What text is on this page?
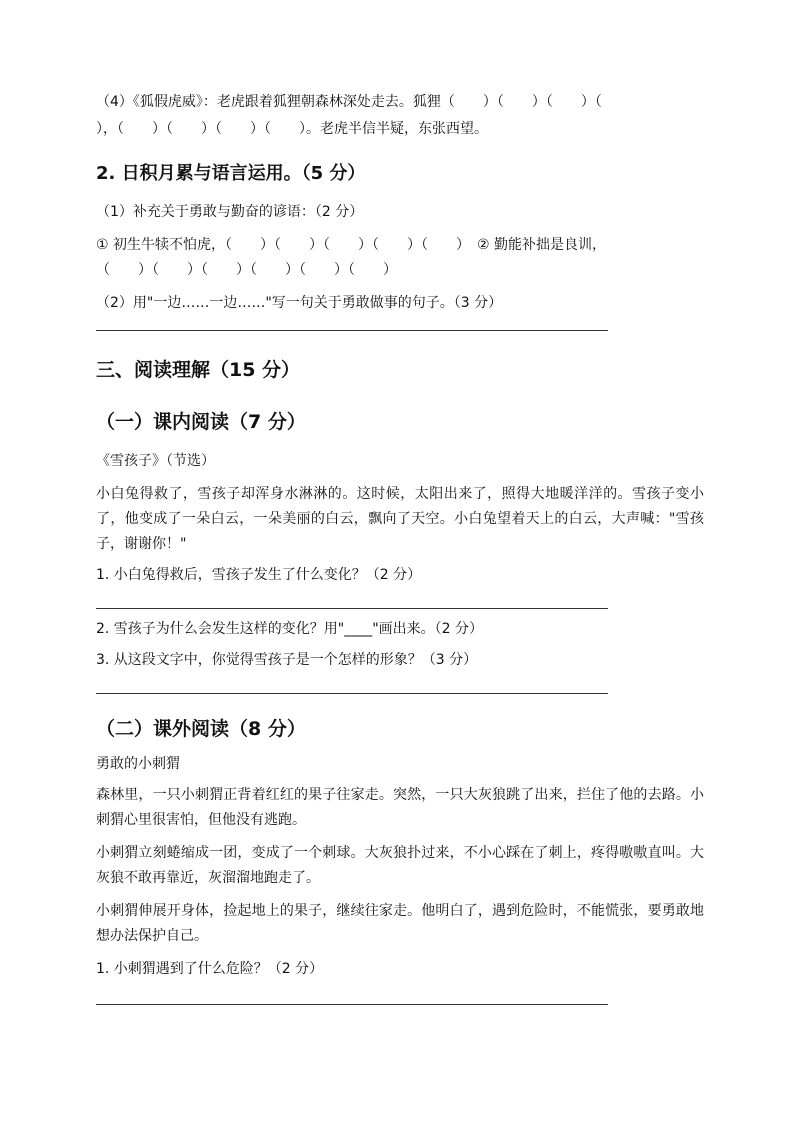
（4）《狐假虎威》：老虎跟着狐狸朝森林深处走去。狐狸（　　）（　　）（　　）（

），（　　）（　　）（　　）（　　）。老虎半信半疑，东张西望。

2. 日积月累与语言运用。（5 分）

（1）补充关于勇敢与勤奋的谚语：（2 分）

① 初生牛犊不怕虎，（　　）（　　）（　　）（　　）（　　）　② 勤能补拙是良训，

（　　）（　　）（　　）（　　）（　　）（　　）

（2）用"一边……一边……"写一句关于勇敢做事的句子。（3 分）

三、阅读理解（15 分）
（一）课内阅读（7 分）

《雪孩子》（节选）

小白兔得救了，雪孩子却浑身水淋淋的。这时候，太阳出来了，照得大地暖洋洋的。雪孩子变小了，他变成了一朵白云，一朵美丽的白云，飘向了天空。小白兔望着天上的白云，大声喊："雪孩子，谢谢你！"

1. 小白兔得救后，雪孩子发生了什么变化？（2 分）

2. 雪孩子为什么会发生这样的变化？用"____"画出来。（2 分）

3. 从这段文字中，你觉得雪孩子是一个怎样的形象？（3 分）

（二）课外阅读（8 分）

勇敢的小刺猬

森林里，一只小刺猬正背着红红的果子往家走。突然，一只大灰狼跳了出来，拦住了他的去路。小刺猬心里很害怕，但他没有逃跑。

小刺猬立刻蜷缩成一团，变成了一个刺球。大灰狼扑过来，不小心踩在了刺上，疼得嗷嗷直叫。大灰狼不敢再靠近，灰溜溜地跑走了。

小刺猬伸展开身体，捡起地上的果子，继续往家走。他明白了，遇到危险时，不能慌张，要勇敢地想办法保护自己。

1. 小刺猬遇到了什么危险？（2 分）
